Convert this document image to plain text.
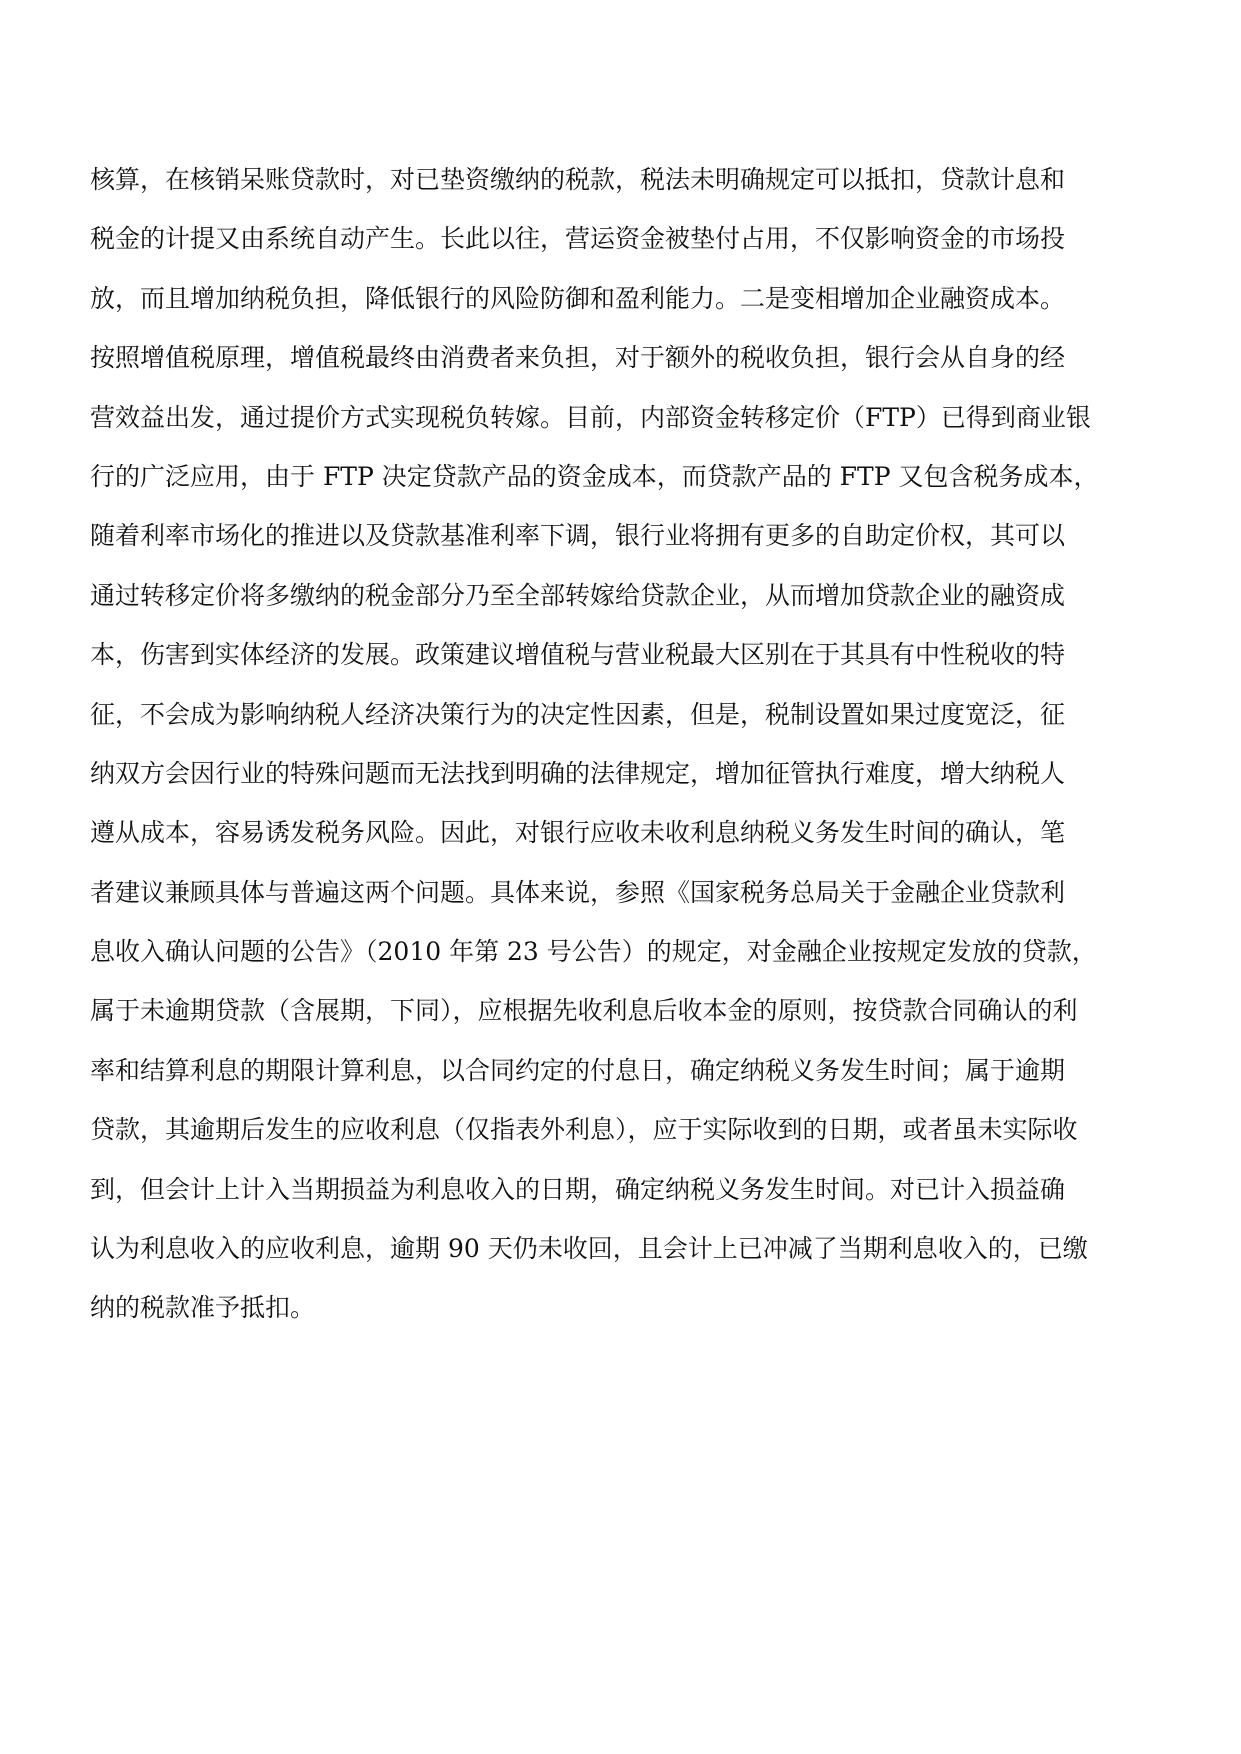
核算，在核销呆账贷款时，对已垫资缴纳的税款，税法未明确规定可以抵扣，贷款计息和
税金的计提又由系统自动产生。长此以往，营运资金被垫付占用，不仅影响资金的市场投
放，而且增加纳税负担，降低银行的风险防御和盈利能力。二是变相增加企业融资成本。
按照增值税原理，增值税最终由消费者来负担，对于额外的税收负担，银行会从自身的经
营效益出发，通过提价方式实现税负转嫁。目前，内部资金转移定价（FTP）已得到商业银
行的广泛应用，由于 FTP 决定贷款产品的资金成本，而贷款产品的 FTP 又包含税务成本，
随着利率市场化的推进以及贷款基准利率下调，银行业将拥有更多的自助定价权，其可以
通过转移定价将多缴纳的税金部分乃至全部转嫁给贷款企业，从而增加贷款企业的融资成
本，伤害到实体经济的发展。政策建议增值税与营业税最大区别在于其具有中性税收的特
征，不会成为影响纳税人经济决策行为的决定性因素，但是，税制设置如果过度宽泛，征
纳双方会因行业的特殊问题而无法找到明确的法律规定，增加征管执行难度，增大纳税人
遵从成本，容易诱发税务风险。因此，对银行应收未收利息纳税义务发生时间的确认，笔
者建议兼顾具体与普遍这两个问题。具体来说，参照《国家税务总局关于金融企业贷款利
息收入确认问题的公告》（2010 年第 23 号公告）的规定，对金融企业按规定发放的贷款，
属于未逾期贷款（含展期，下同），应根据先收利息后收本金的原则，按贷款合同确认的利
率和结算利息的期限计算利息，以合同约定的付息日，确定纳税义务发生时间；属于逾期
贷款，其逾期后发生的应收利息（仅指表外利息），应于实际收到的日期，或者虽未实际收
到，但会计上计入当期损益为利息收入的日期，确定纳税义务发生时间。对已计入损益确
认为利息收入的应收利息，逾期 90 天仍未收回，且会计上已冲减了当期利息收入的，已缴
纳的税款准予抵扣。
